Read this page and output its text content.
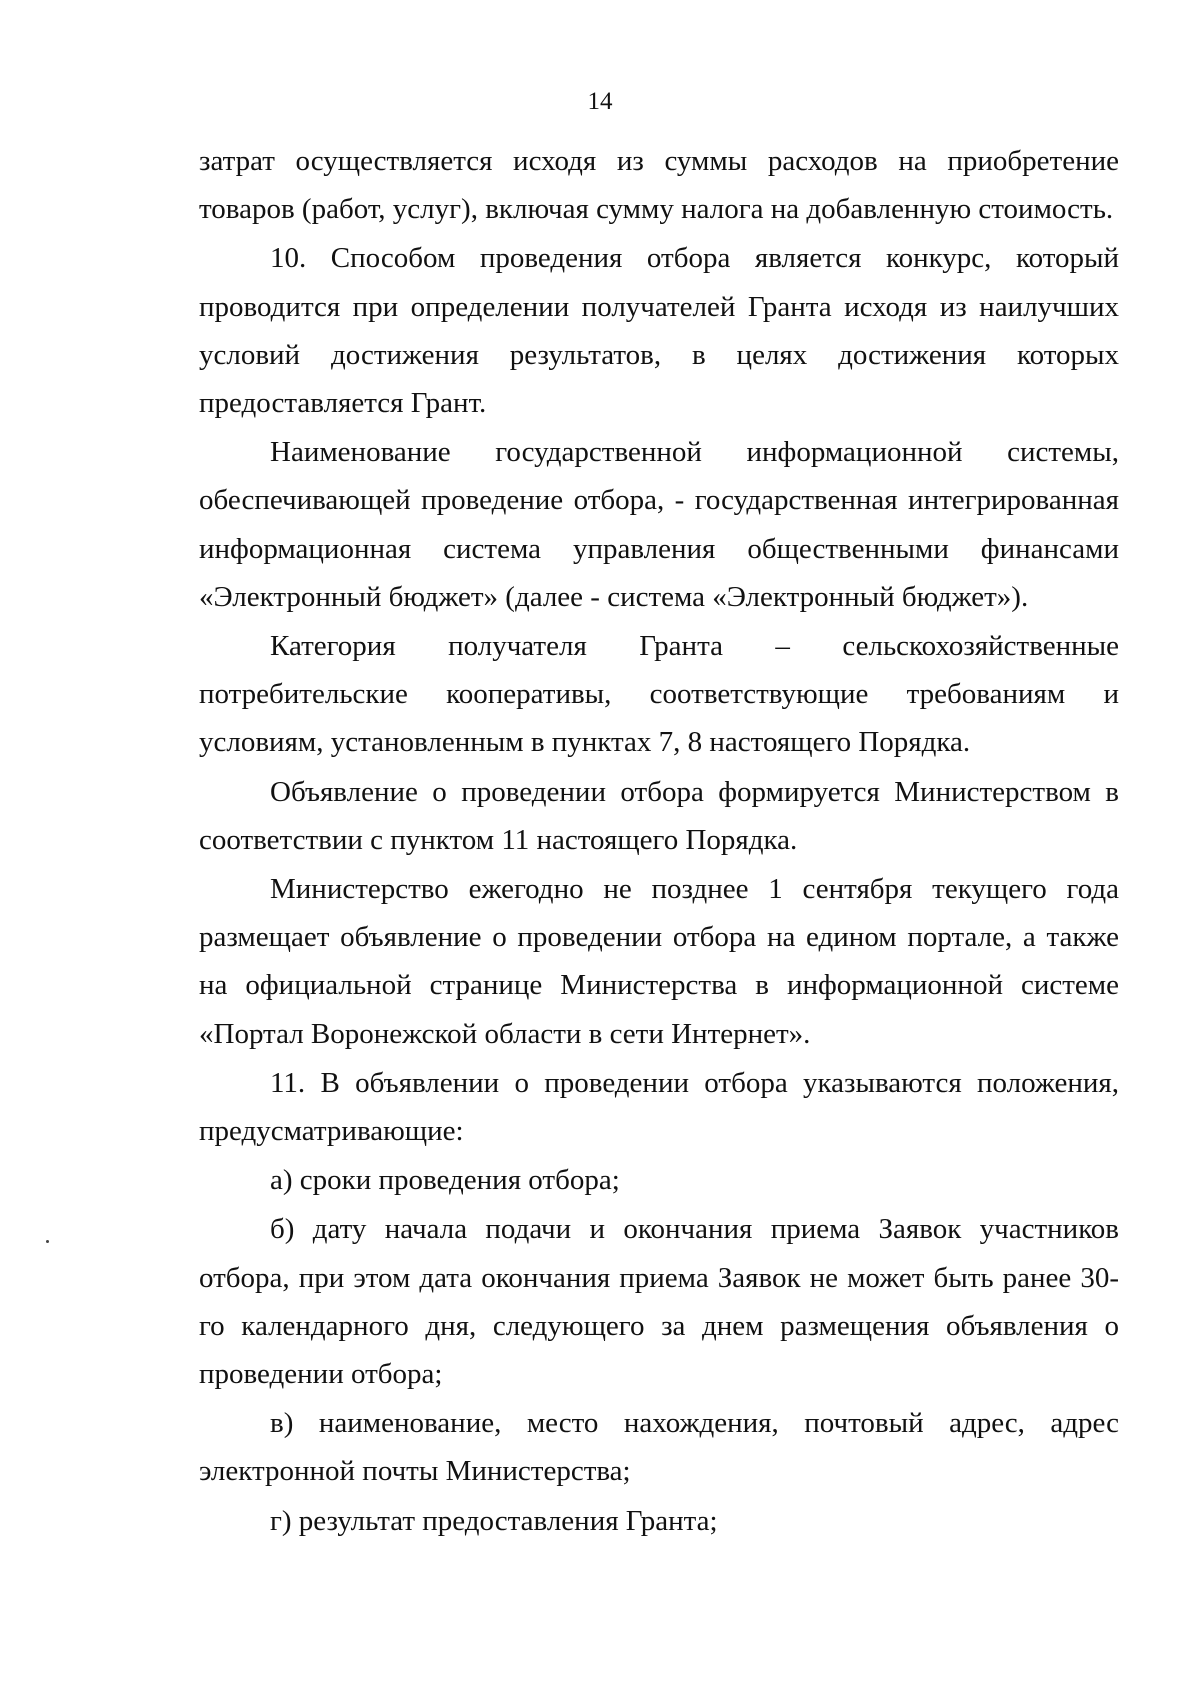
14

затрат осуществляется исходя из суммы расходов на приобретение товаров (работ, услуг), включая сумму налога на добавленную стоимость.

10. Способом проведения отбора является конкурс, который проводится при определении получателей Гранта исходя из наилучших условий достижения результатов, в целях достижения которых предоставляется Грант.

Наименование государственной информационной системы, обеспечивающей проведение отбора, - государственная интегрированная информационная система управления общественными финансами «Электронный бюджет» (далее - система «Электронный бюджет»).

Категория получателя Гранта – сельскохозяйственные потребительские кооперативы, соответствующие требованиям и условиям, установленным в пунктах 7, 8 настоящего Порядка.

Объявление о проведении отбора формируется Министерством в соответствии с пунктом 11 настоящего Порядка.

Министерство ежегодно не позднее 1 сентября текущего года размещает объявление о проведении отбора на едином портале, а также на официальной странице Министерства в информационной системе «Портал Воронежской области в сети Интернет».

11. В объявлении о проведении отбора указываются положения, предусматривающие:

а) сроки проведения отбора;

б) дату начала подачи и окончания приема Заявок участников отбора, при этом дата окончания приема Заявок не может быть ранее 30-го календарного дня, следующего за днем размещения объявления о проведении отбора;

в) наименование, место нахождения, почтовый адрес, адрес электронной почты Министерства;

г) результат предоставления Гранта;
